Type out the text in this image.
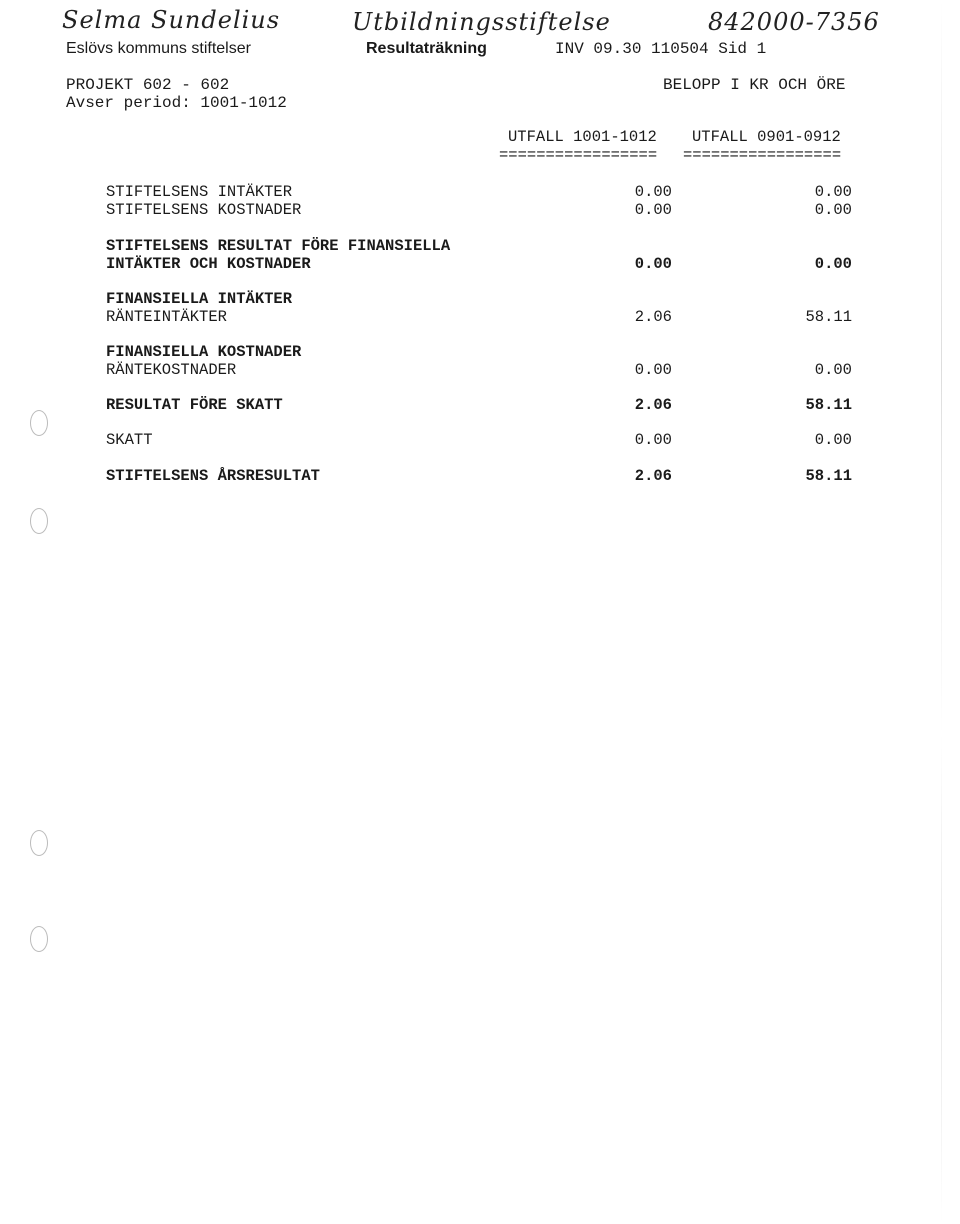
Selma Sundelius	Utbildningsstiftelse	842000-7356
Eslövs kommuns stiftelser	Resultaträkning	INV 09.30 110504 Sid 1
PROJEKT 602 - 602
Avser period: 1001-1012
BELOPP I KR OCH ÖRE
UTFALL 1001-1012 UTFALL 0901-0912
================= =================
STIFTELSENS INTÄKTER	0.00	0.00
STIFTELSENS KOSTNADER	0.00	0.00
STIFTELSENS RESULTAT FÖRE FINANSIELLA
INTÄKTER OCH KOSTNADER	0.00	0.00
FINANSIELLA INTÄKTER
RÄNTEINTÄKTER	2.06	58.11
FINANSIELLA KOSTNADER
RÄNTEKOSTNADER	0.00	0.00
RESULTAT FÖRE SKATT	2.06	58.11
SKATT	0.00	0.00
STIFTELSENS ÅRSRESULTAT	2.06	58.11
